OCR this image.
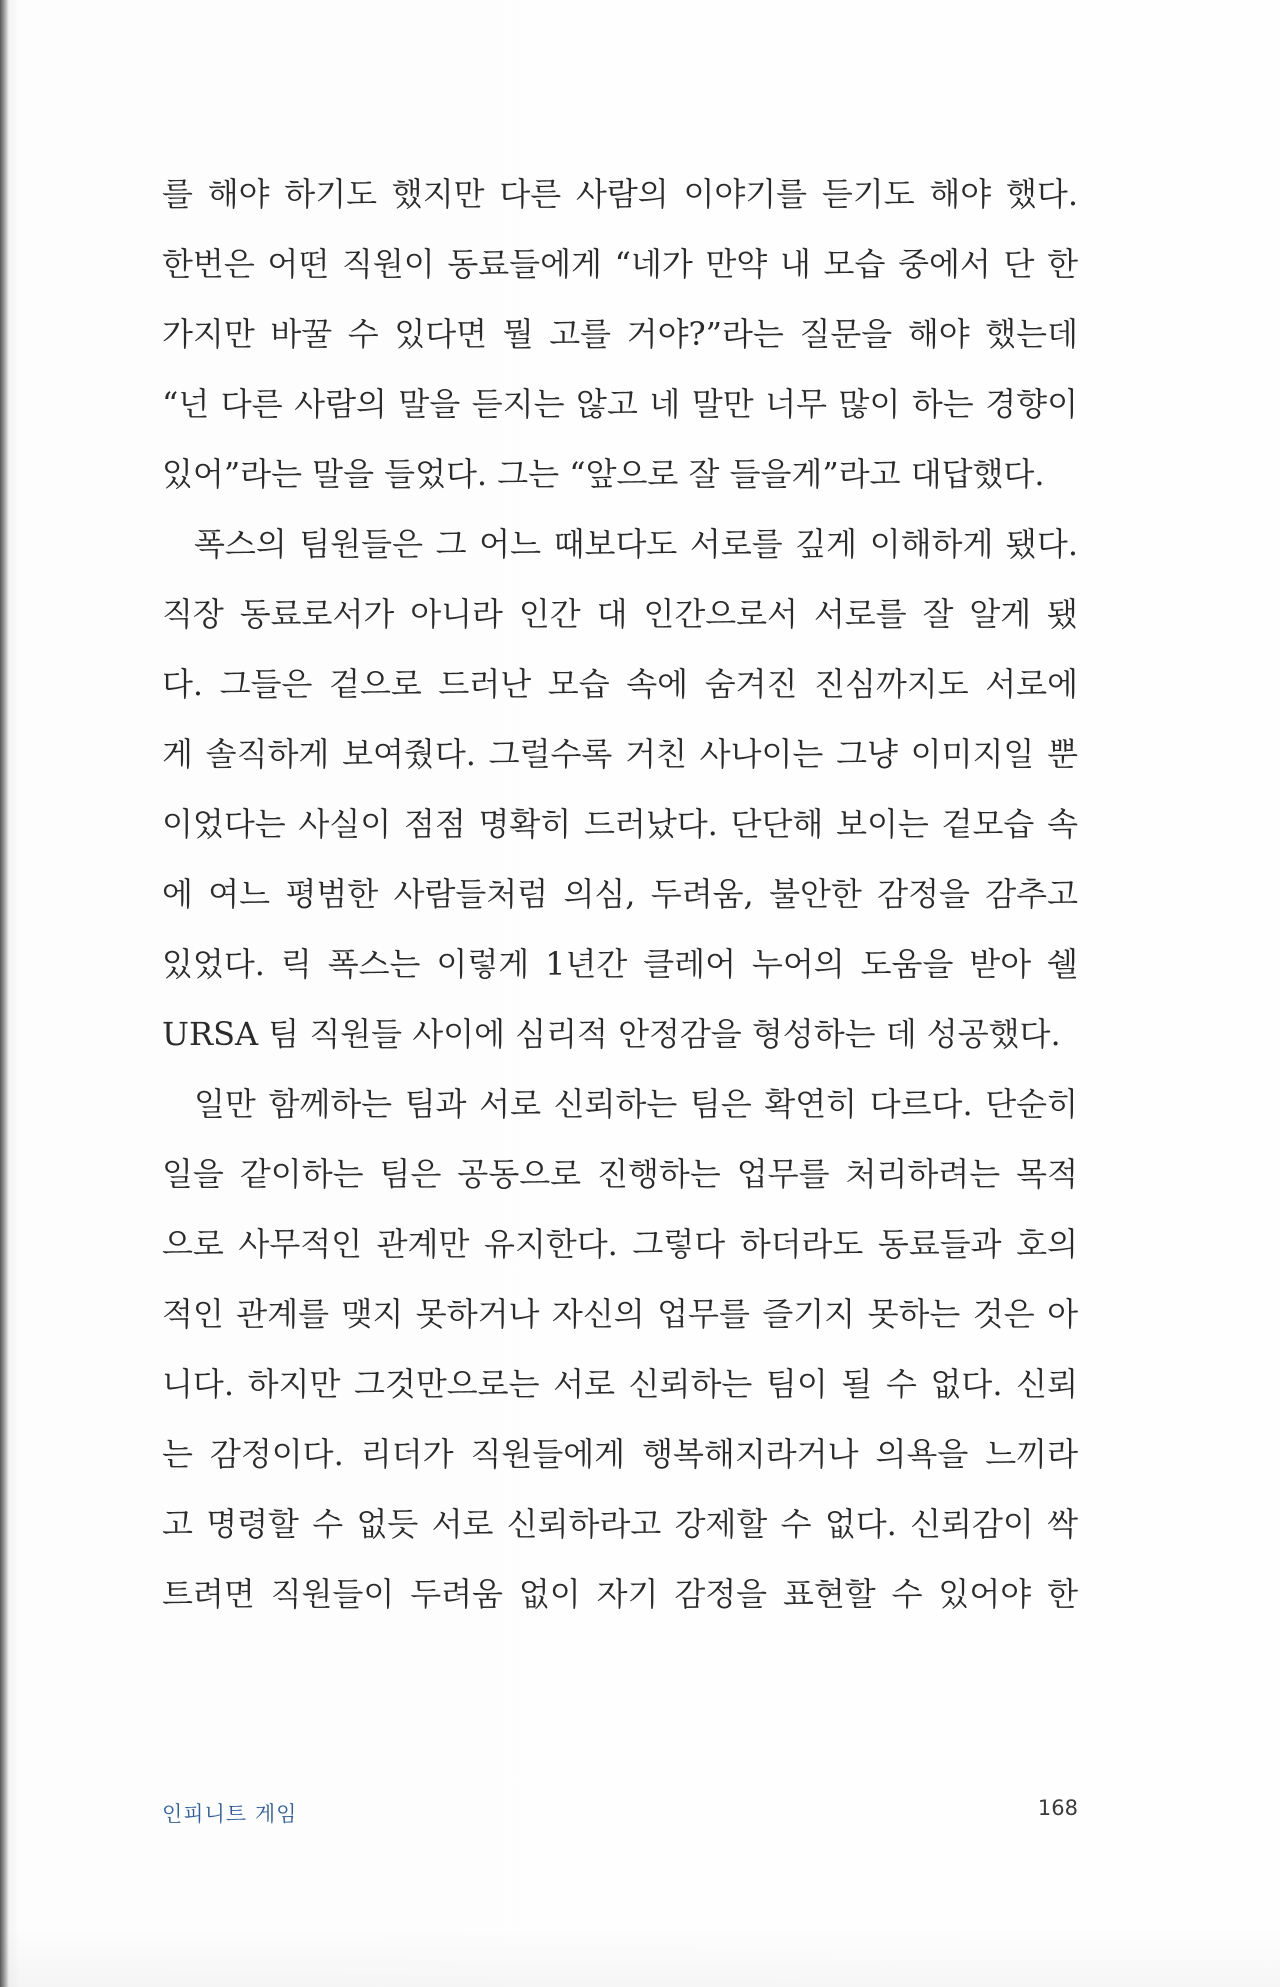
를 해야 하기도 했지만 다른 사람의 이야기를 듣기도 해야 했다.
한번은 어떤 직원이 동료들에게 “네가 만약 내 모습 중에서 단 한
가지만 바꿀 수 있다면 뭘 고를 거야?”라는 질문을 해야 했는데
“넌 다른 사람의 말을 듣지는 않고 네 말만 너무 많이 하는 경향이
있어”라는 말을 들었다. 그는 “앞으로 잘 들을게”라고 대답했다.
폭스의 팀원들은 그 어느 때보다도 서로를 깊게 이해하게 됐다.
직장 동료로서가 아니라 인간 대 인간으로서 서로를 잘 알게 됐
다. 그들은 겉으로 드러난 모습 속에 숨겨진 진심까지도 서로에
게 솔직하게 보여줬다. 그럴수록 거친 사나이는 그냥 이미지일 뿐
이었다는 사실이 점점 명확히 드러났다. 단단해 보이는 겉모습 속
에 여느 평범한 사람들처럼 의심, 두려움, 불안한 감정을 감추고
있었다. 릭 폭스는 이렇게 1년간 클레어 누어의 도움을 받아 쉘
URSA 팀 직원들 사이에 심리적 안정감을 형성하는 데 성공했다.
일만 함께하는 팀과 서로 신뢰하는 팀은 확연히 다르다. 단순히
일을 같이하는 팀은 공동으로 진행하는 업무를 처리하려는 목적
으로 사무적인 관계만 유지한다. 그렇다 하더라도 동료들과 호의
적인 관계를 맺지 못하거나 자신의 업무를 즐기지 못하는 것은 아
니다. 하지만 그것만으로는 서로 신뢰하는 팀이 될 수 없다. 신뢰
는 감정이다. 리더가 직원들에게 행복해지라거나 의욕을 느끼라
고 명령할 수 없듯 서로 신뢰하라고 강제할 수 없다. 신뢰감이 싹
트려면 직원들이 두려움 없이 자기 감정을 표현할 수 있어야 한
인피니트 게임	168
